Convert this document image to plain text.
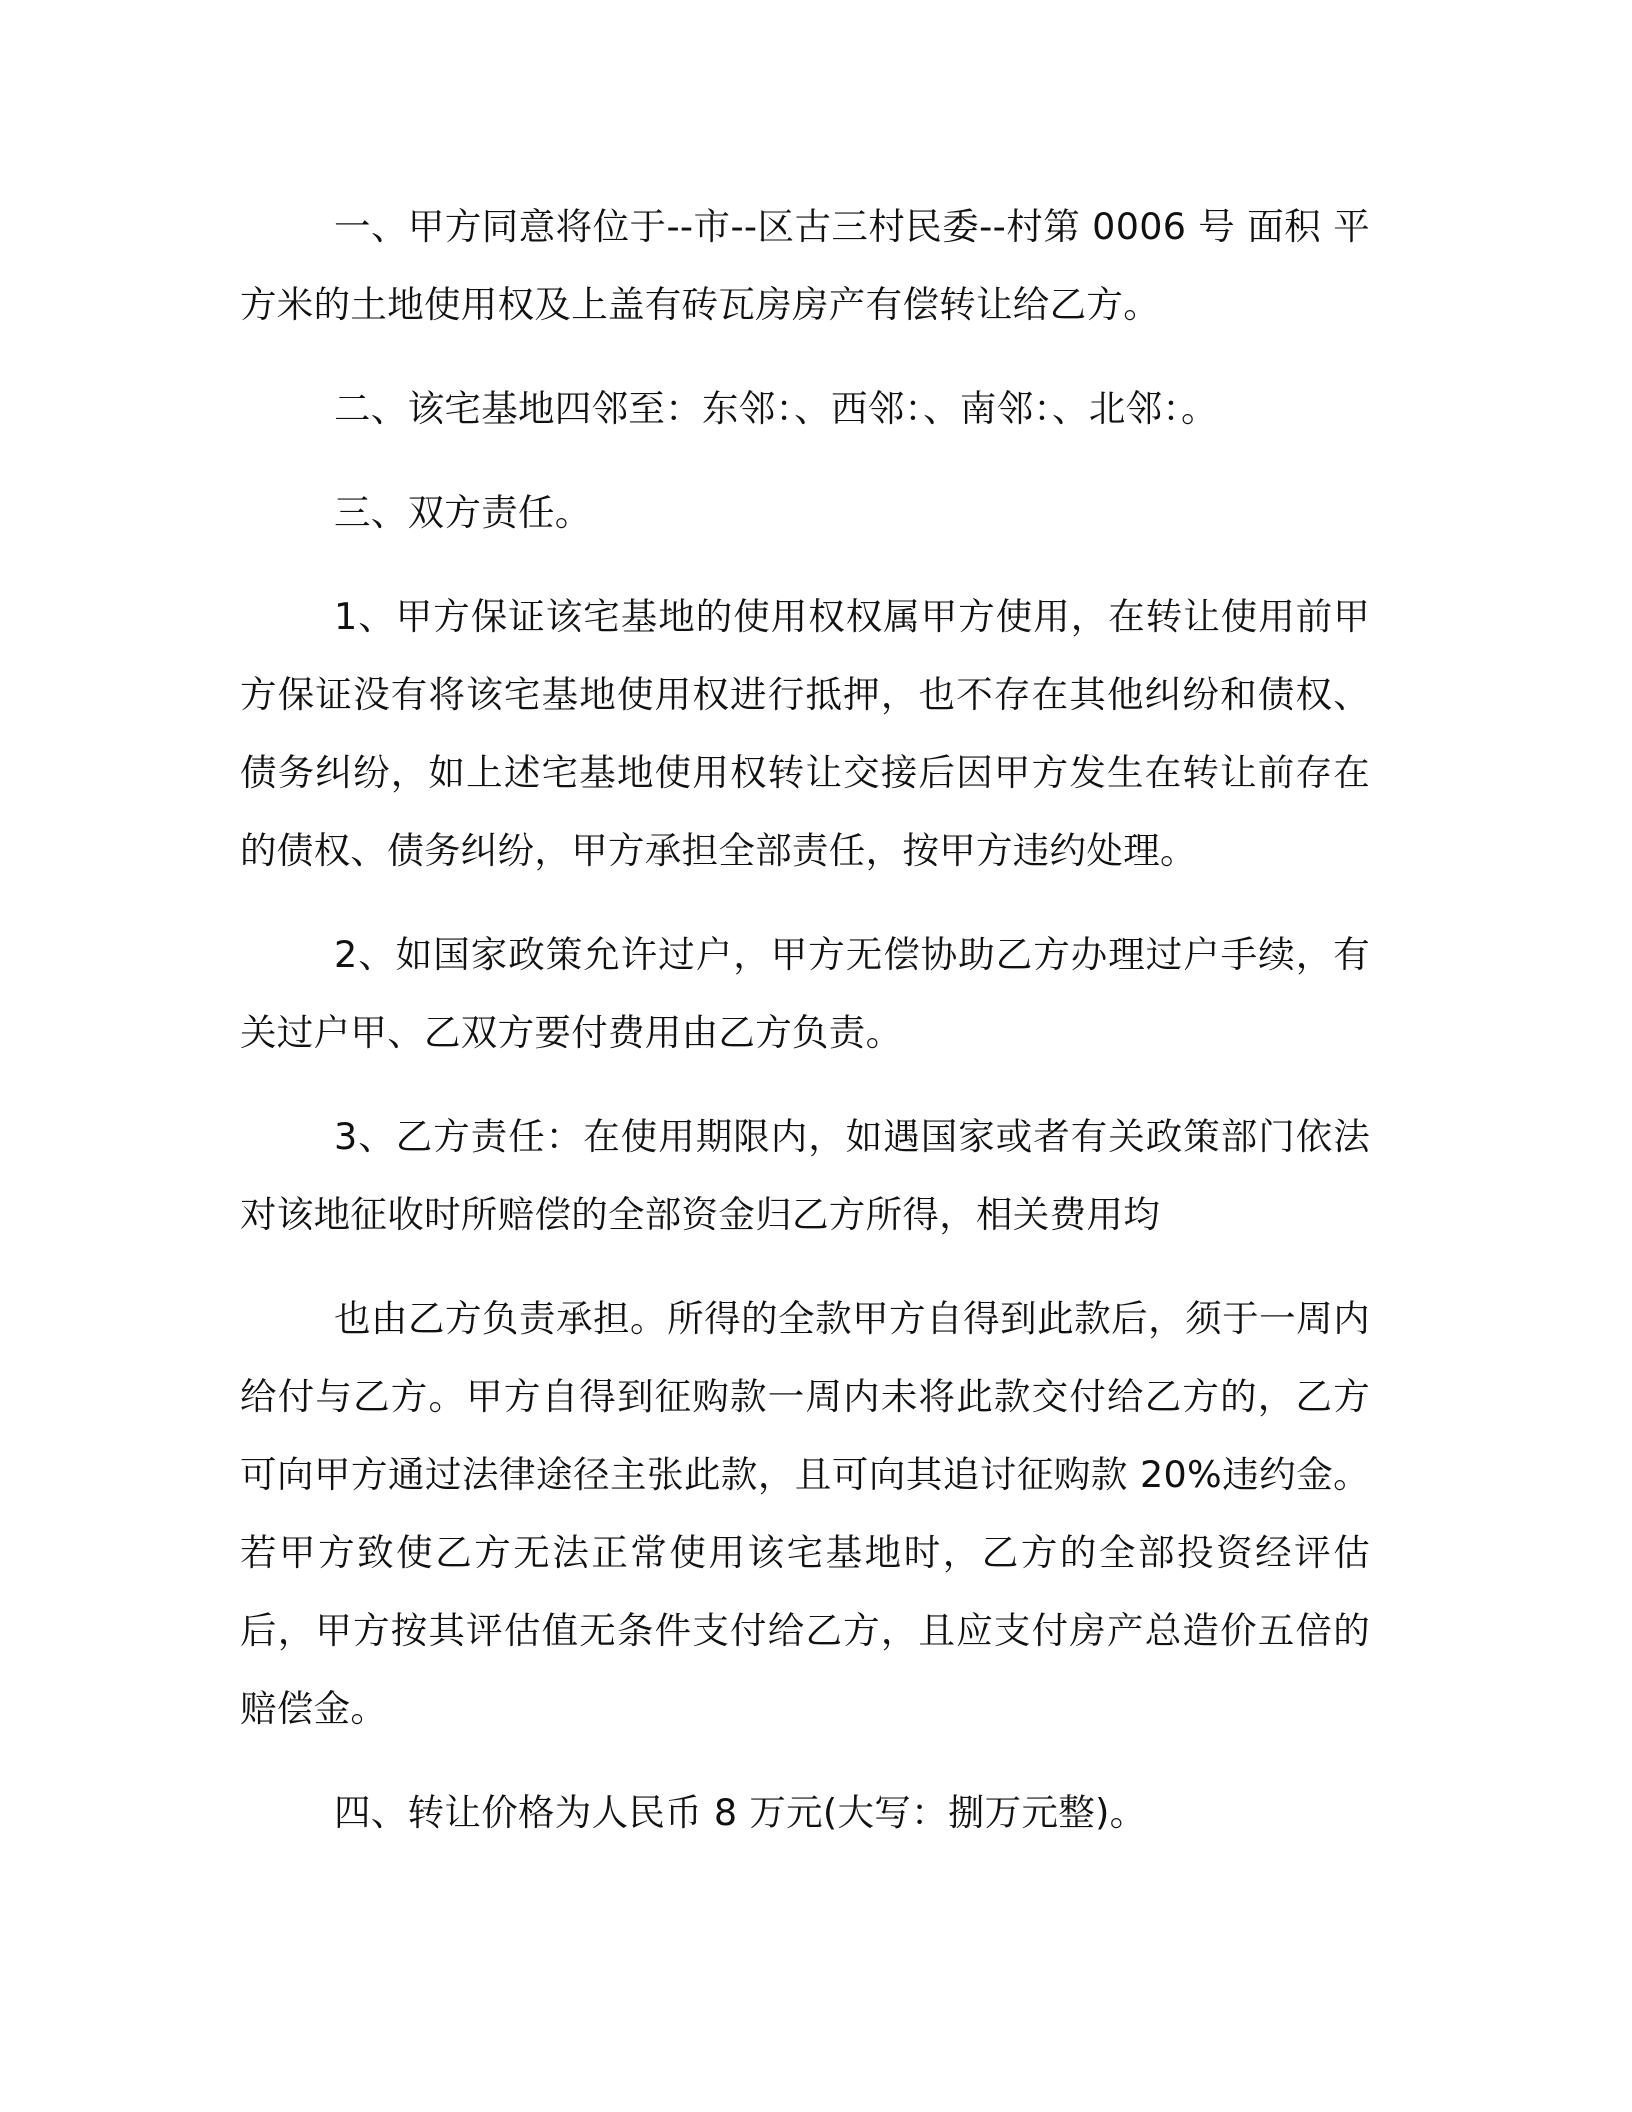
一、甲方同意将位于--市--区古三村民委--村第 0006 号 面积 平方米的土地使用权及上盖有砖瓦房房产有偿转让给乙方。

二、该宅基地四邻至：东邻：、西邻：、南邻：、北邻：。

三、双方责任。

1、甲方保证该宅基地的使用权权属甲方使用，在转让使用前甲方保证没有将该宅基地使用权进行抵押，也不存在其他纠纷和债权、债务纠纷，如上述宅基地使用权转让交接后因甲方发生在转让前存在的债权、债务纠纷，甲方承担全部责任，按甲方违约处理。

2、如国家政策允许过户，甲方无偿协助乙方办理过户手续，有关过户甲、乙双方要付费用由乙方负责。

3、乙方责任：在使用期限内，如遇国家或者有关政策部门依法对该地征收时所赔偿的全部资金归乙方所得，相关费用均

也由乙方负责承担。所得的全款甲方自得到此款后，须于一周内给付与乙方。甲方自得到征购款一周内未将此款交付给乙方的，乙方可向甲方通过法律途径主张此款，且可向其追讨征购款 20%违约金。若甲方致使乙方无法正常使用该宅基地时，乙方的全部投资经评估后，甲方按其评估值无条件支付给乙方，且应支付房产总造价五倍的赔偿金。

四、转让价格为人民币 8 万元(大写：捌万元整)。
